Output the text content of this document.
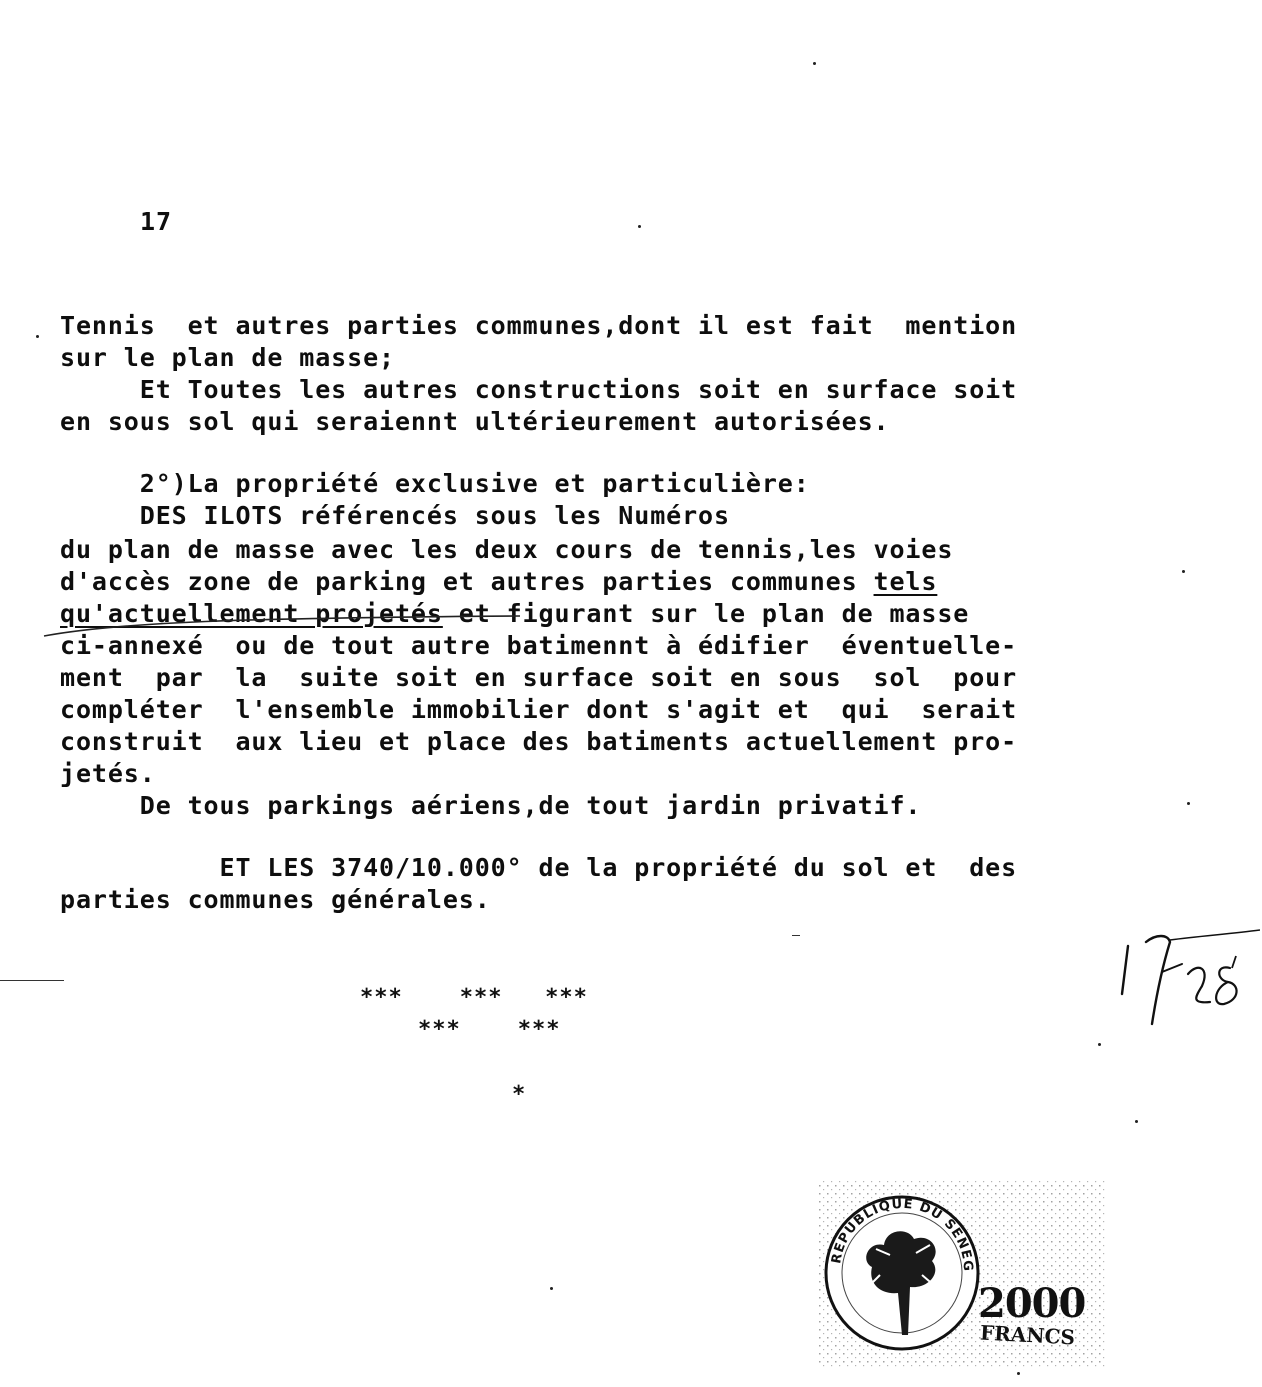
17

Tennis  et autres parties communes,dont il est fait  mention

sur le plan de masse;

Et Toutes les autres constructions soit en surface soit

en sous sol qui seraiennt ultérieurement autorisées.

2°)La propriété exclusive et particulière:

DES ILOTS référencés sous les Numéros

du plan de masse avec les deux cours de tennis,les voies

d'accès zone de parking et autres parties communes tels

qu'actuellement projetés et figurant sur le plan de masse

ci-annexé  ou de tout autre batimennt à édifier  éventuelle-

ment  par  la  suite soit en surface soit en sous  sol  pour

compléter  l'ensemble immobilier dont s'agit et  qui  serait

construit  aux lieu et place des batiments actuellement pro-

jetés.

De tous parkings aériens,de tout jardin privatif.

ET LES 3740/10.000° de la propriété du sol et  des

parties communes générales.

***    ***   ***
***    ***
*
REPUBLIQUE DU SENEG
2000
FRANCS
